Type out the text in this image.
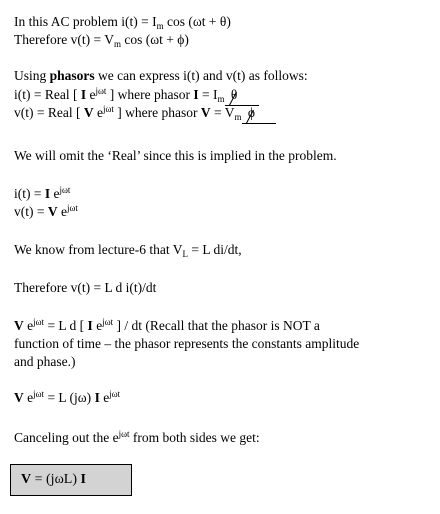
In this AC problem $i(t) = I_m$ cos (ωt + θ)
Therefore $v(t) = V_m$ cos (ωt + ϕ)
Using phasors we can express i(t) and v(t) as follows:
i(t) = Real [ I $e^{j\omega t}$ ] where phasor $I = I_m$ θ
v(t) = Real [ V $e^{j\omega t}$ ] where phasor $V = V_m$ ϕ
We will omit the ‘Real’ since this is implied in the problem.
i(t) = I $e^{j\omega t}$
v(t) = V $e^{j\omega t}$
We know from lecture-6 that $V_L = L$ di/dt,
Therefore v(t) = L d i(t)/dt
V $e^{j\omega t} = L$ d [ I $e^{j\omega t}$ ] / dt (Recall that the phasor is NOT a
function of time – the phasor represents the constants amplitude
and phase.)
V $e^{j\omega t} = L$ (jω) I $e^{j\omega t}$
Canceling out the $e^{j\omega t}$ from both sides we get:
V = (jωL) I
